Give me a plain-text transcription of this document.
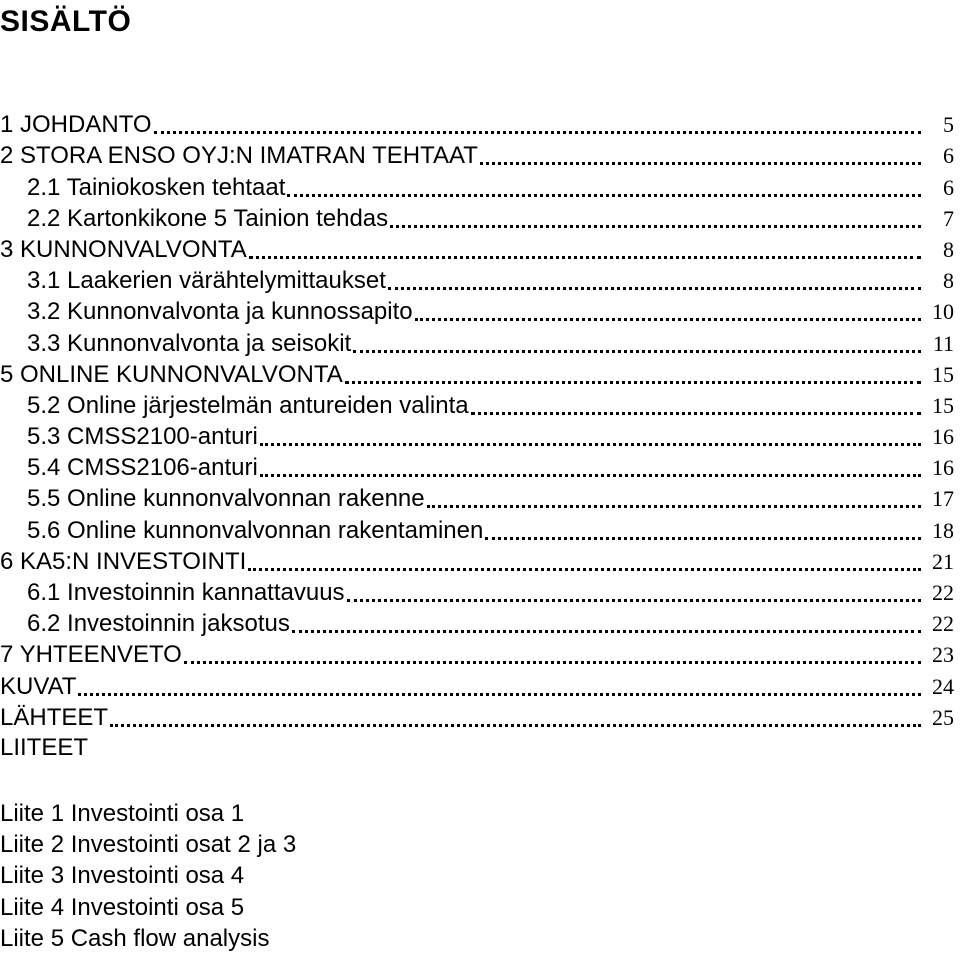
SISÄLTÖ
1 JOHDANTO	5
2 STORA ENSO OYJ:N IMATRAN TEHTAAT	6
2.1 Tainiokosken tehtaat	6
2.2 Kartonkikone 5 Tainion tehdas	7
3 KUNNONVALVONTA	8
3.1 Laakerien värähtelymittaukset	8
3.2 Kunnonvalvonta ja kunnossapito	10
3.3 Kunnonvalvonta ja seisokit	11
5 ONLINE KUNNONVALVONTA	15
5.2 Online järjestelmän antureiden valinta	15
5.3 CMSS2100-anturi	16
5.4 CMSS2106-anturi	16
5.5 Online kunnonvalvonnan rakenne	17
5.6 Online kunnonvalvonnan rakentaminen	18
6 KA5:N INVESTOINTI	21
6.1 Investoinnin kannattavuus	22
6.2 Investoinnin jaksotus	22
7 YHTEENVETO	23
KUVAT	24
LÄHTEET	25
LIITEET
Liite 1 Investointi osa 1
Liite 2 Investointi osat 2 ja 3
Liite 3 Investointi osa 4
Liite 4 Investointi osa 5
Liite 5 Cash flow analysis
